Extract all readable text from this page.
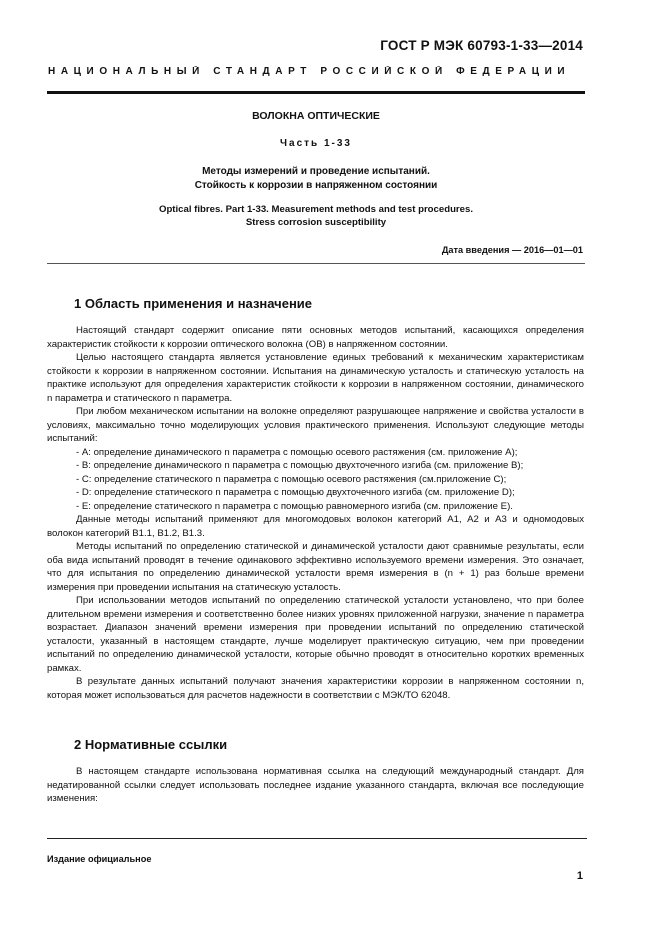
ГОСТ Р МЭК 60793-1-33—2014
НАЦИОНАЛЬНЫЙ СТАНДАРТ РОССИЙСКОЙ ФЕДЕРАЦИИ
ВОЛОКНА ОПТИЧЕСКИЕ
Часть 1-33
Методы измерений и проведение испытаний.
Стойкость к коррозии в напряженном состоянии
Optical fibres. Part 1-33. Measurement methods and test procedures.
Stress corrosion susceptibility
Дата введения — 2016—01—01
1 Область применения и назначение

Настоящий стандарт содержит описание пяти основных методов испытаний, касающихся определения характеристик стойкости к коррозии оптического волокна (ОВ) в напряженном состоянии.

Целью настоящего стандарта является установление единых требований к механическим характеристикам стойкости к коррозии в напряженном состоянии. Испытания на динамическую усталость и статическую усталость на практике используют для определения характеристик стойкости к коррозии в напряженном состоянии, динамического n параметра и статического n параметра.

При любом механическом испытании на волокне определяют разрушающее напряжение и свойства усталости в условиях, максимально точно моделирующих условия практического применения. Используют следующие методы испытаний:

- А: определение динамического n параметра с помощью осевого растяжения (см. приложение А);

- В: определение динамического n параметра с помощью двухточечного изгиба (см. приложение В);

- С: определение статического n параметра с помощью осевого растяжения (см.приложение С);

- D: определение статического n параметра с помощью двухточечного изгиба (см. приложение D);

- Е: определение статического n параметра с помощью равномерного изгиба (см. приложение Е).

Данные методы испытаний применяют для многомодовых волокон категорий А1, А2 и А3 и одномодовых волокон категорий В1.1, В1.2, В1.3.

Методы испытаний по определению статической и динамической усталости дают сравнимые результаты, если оба вида испытаний проводят в течение одинакового эффективно используемого времени измерения. Это означает, что для испытания по определению динамической усталости время измерения в (n + 1) раз больше времени измерения при проведении испытания на статическую усталость.

При использовании методов испытаний по определению статической усталости установлено, что при более длительном времени измерения и соответственно более низких уровнях приложенной нагрузки, значение n параметра возрастает. Диапазон значений времени измерения при проведении испытаний по определению статической усталости, указанный в настоящем стандарте, лучше моделирует практическую ситуацию, чем при проведении испытаний по определению динамической усталости, которые обычно проводят в относительно коротких временных рамках.

В результате данных испытаний получают значения характеристики коррозии в напряженном состоянии n, которая может использоваться для расчетов надежности в соответствии с МЭК/ТО 62048.

2 Нормативные ссылки

В настоящем стандарте использована нормативная ссылка на следующий международный стандарт. Для недатированной ссылки следует использовать последнее издание указанного стандарта, включая все последующие изменения:

Издание официальное
1
